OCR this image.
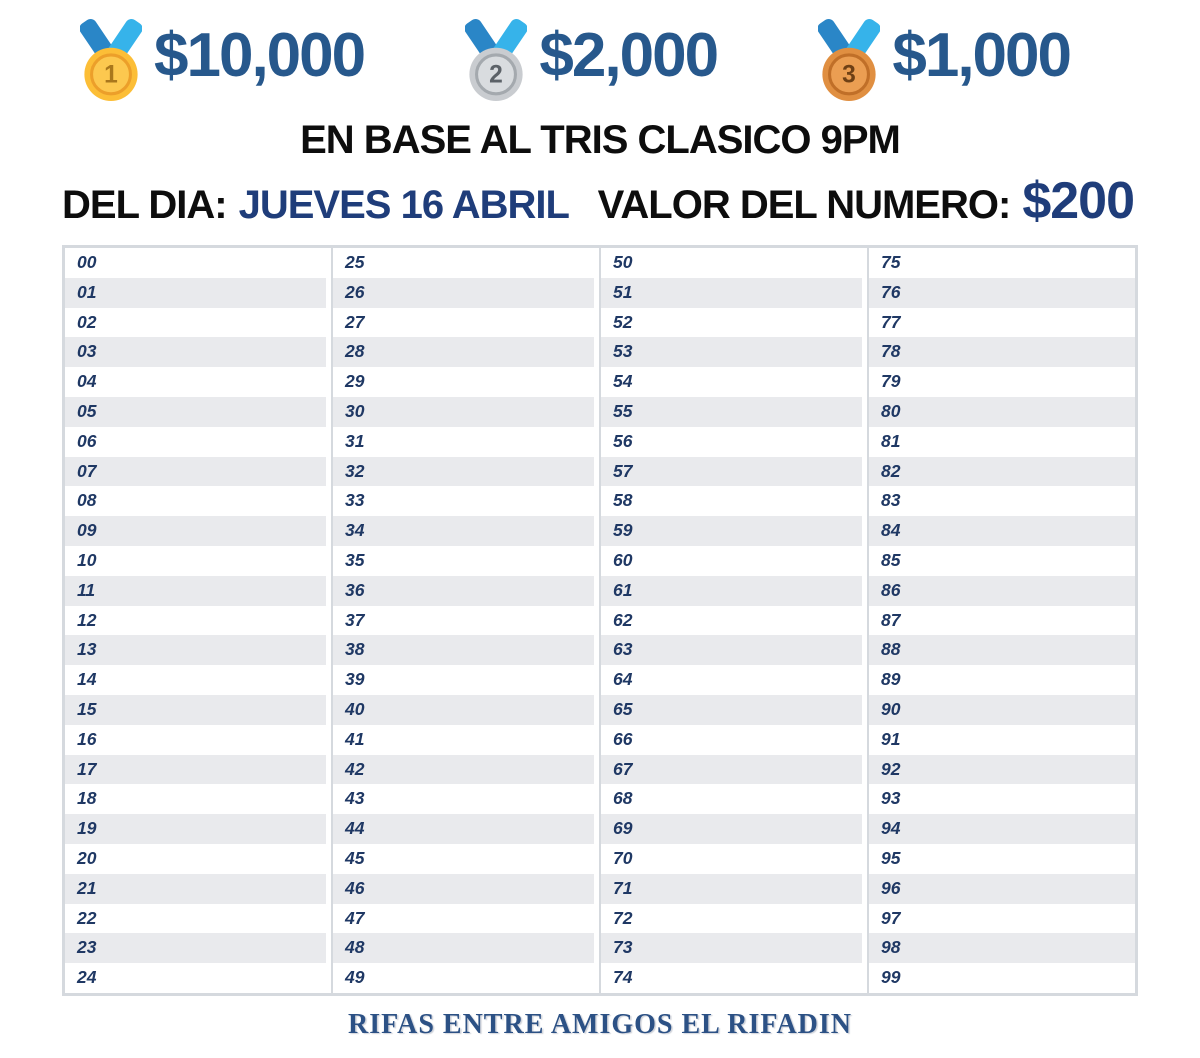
1 $10,000	2 $2,000	3 $1,000
EN BASE AL TRIS CLASICO 9PM
DEL DIA: JUEVES 16 ABRIL VALOR DEL NUMERO: $200
00
01
02
03
04
05
06
07
08
09
10
11
12
13
14
15
16
17
18
19
20
21
22
23
24
25
26
27
28
29
30
31
32
33
34
35
36
37
38
39
40
41
42
43
44
45
46
47
48
49
50
51
52
53
54
55
56
57
58
59
60
61
62
63
64
65
66
67
68
69
70
71
72
73
74
75
76
77
78
79
80
81
82
83
84
85
86
87
88
89
90
91
92
93
94
95
96
97
98
99
RIFAS ENTRE AMIGOS EL RIFADIN
